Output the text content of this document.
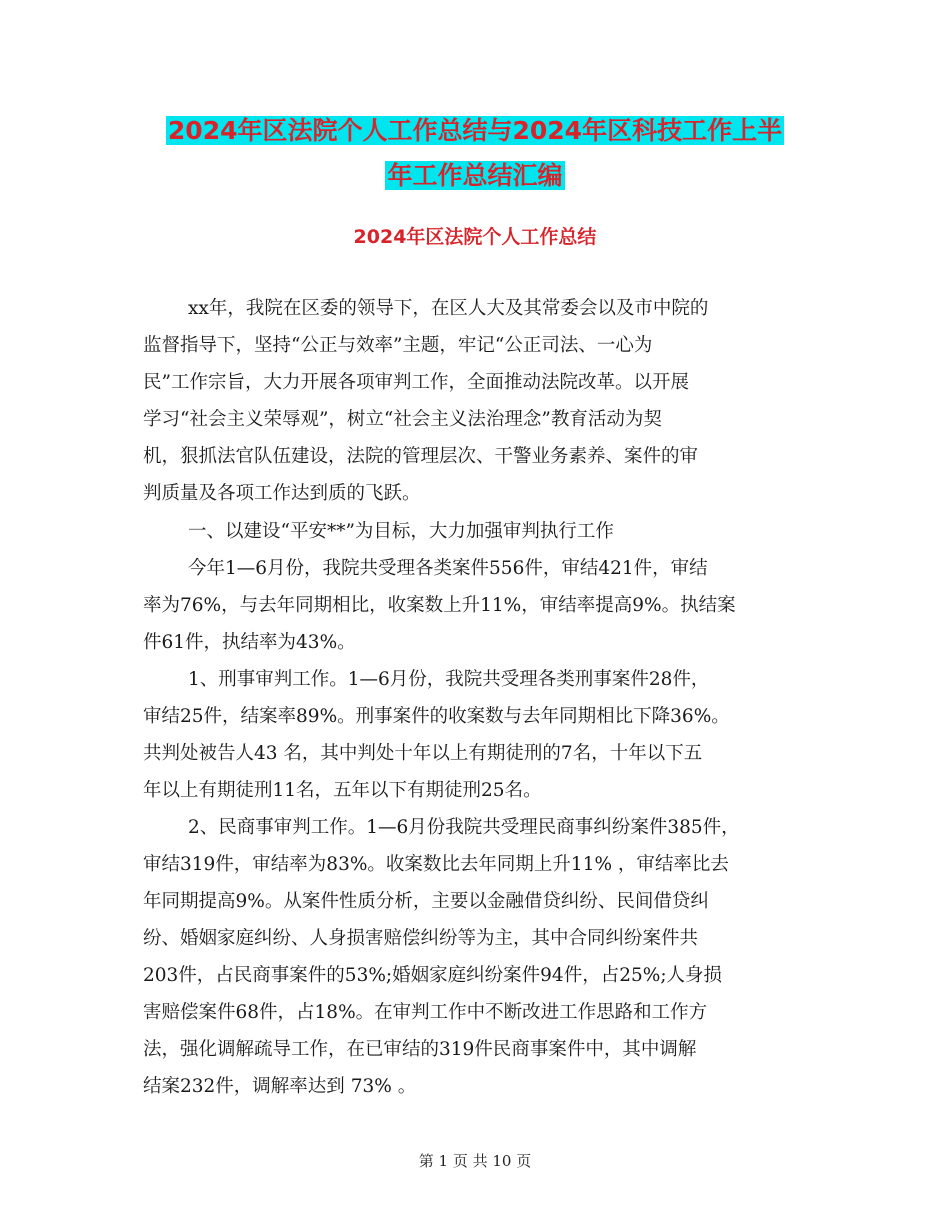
2024年区法院个人工作总结与2024年区科技工作上半
年工作总结汇编
2024年区法院个人工作总结
xx年，我院在区委的领导下，在区人大及其常委会以及市中院的
监督指导下，坚持“公正与效率”主题，牢记“公正司法、一心为
民”工作宗旨，大力开展各项审判工作，全面推动法院改革。以开展
学习“社会主义荣辱观”，树立“社会主义法治理念”教育活动为契
机，狠抓法官队伍建设，法院的管理层次、干警业务素养、案件的审
判质量及各项工作达到质的飞跃。
一、以建设“平安**”为目标，大力加强审判执行工作
今年1—6月份，我院共受理各类案件556件，审结421件，审结
率为76%，与去年同期相比，收案数上升11%，审结率提高9%。执结案
件61件，执结率为43%。
1、刑事审判工作。1—6月份，我院共受理各类刑事案件28件，
审结25件，结案率89%。刑事案件的收案数与去年同期相比下降36%。
共判处被告人43 名，其中判处十年以上有期徒刑的7名，十年以下五
年以上有期徒刑11名，五年以下有期徒刑25名。
2、民商事审判工作。1—6月份我院共受理民商事纠纷案件385件，
审结319件，审结率为83%。收案数比去年同期上升11% ，审结率比去
年同期提高9%。从案件性质分析，主要以金融借贷纠纷、民间借贷纠
纷、婚姻家庭纠纷、人身损害赔偿纠纷等为主，其中合同纠纷案件共
203件，占民商事案件的53%;婚姻家庭纠纷案件94件，占25%;人身损
害赔偿案件68件，占18%。在审判工作中不断改进工作思路和工作方
法，强化调解疏导工作，在已审结的319件民商事案件中，其中调解
结案232件，调解率达到 73% 。
第 1 页 共 10 页
